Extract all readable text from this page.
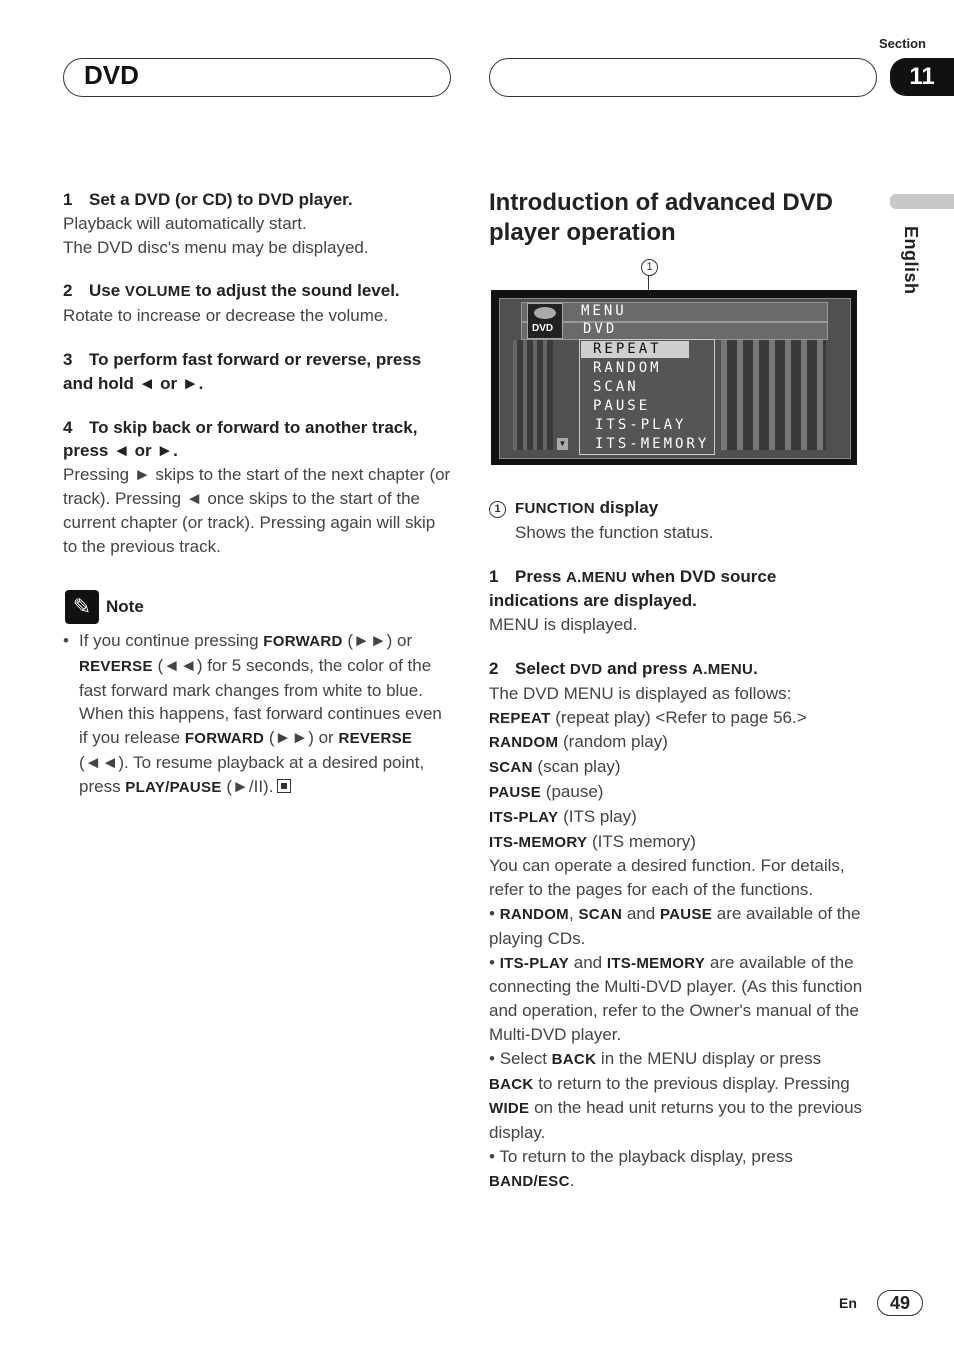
DVD
Section
11
English

1 Set a DVD (or CD) to DVD player.

Playback will automatically start.

The DVD disc's menu may be displayed.

2 Use VOLUME to adjust the sound level.

Rotate to increase or decrease the volume.

3 To perform fast forward or reverse, press and hold ◄ or ►.

4 To skip back or forward to another track, press ◄ or ►.

Pressing ► skips to the start of the next chapter (or track). Pressing ◄ once skips to the start of the current chapter (or track). Pressing again will skip to the previous track.

✎ Note
• If you continue pressing FORWARD (►►) or REVERSE (◄◄) for 5 seconds, the color of the fast forward mark changes from white to blue. When this happens, fast forward continues even if you release FORWARD (►►) or REVERSE (◄◄). To resume playback at a desired point, press PLAY/PAUSE (►/II).
Introduction of advanced DVD player operation
1
DVD
MENU
DVD
REPEAT
RANDOM
SCAN
PAUSE
ITS-PLAY
ITS-MEMORY
▼

1 FUNCTION display

Shows the function status.

1 Press A.MENU when DVD source indications are displayed.

MENU is displayed.

2 Select DVD and press A.MENU.

The DVD MENU is displayed as follows:

REPEAT (repeat play) <Refer to page 56.>

RANDOM (random play)

SCAN (scan play)

PAUSE (pause)

ITS-PLAY (ITS play)

ITS-MEMORY (ITS memory)

You can operate a desired function. For details, refer to the pages for each of the functions.

• RANDOM, SCAN and PAUSE are available of the playing CDs.

• ITS-PLAY and ITS-MEMORY are available of the connecting the Multi-DVD player. (As this function and operation, refer to the Owner's manual of the Multi-DVD player.

• Select BACK in the MENU display or press BACK to return to the previous display. Pressing WIDE on the head unit returns you to the previous display.

• To return to the playback display, press BAND/ESC.

En	49
